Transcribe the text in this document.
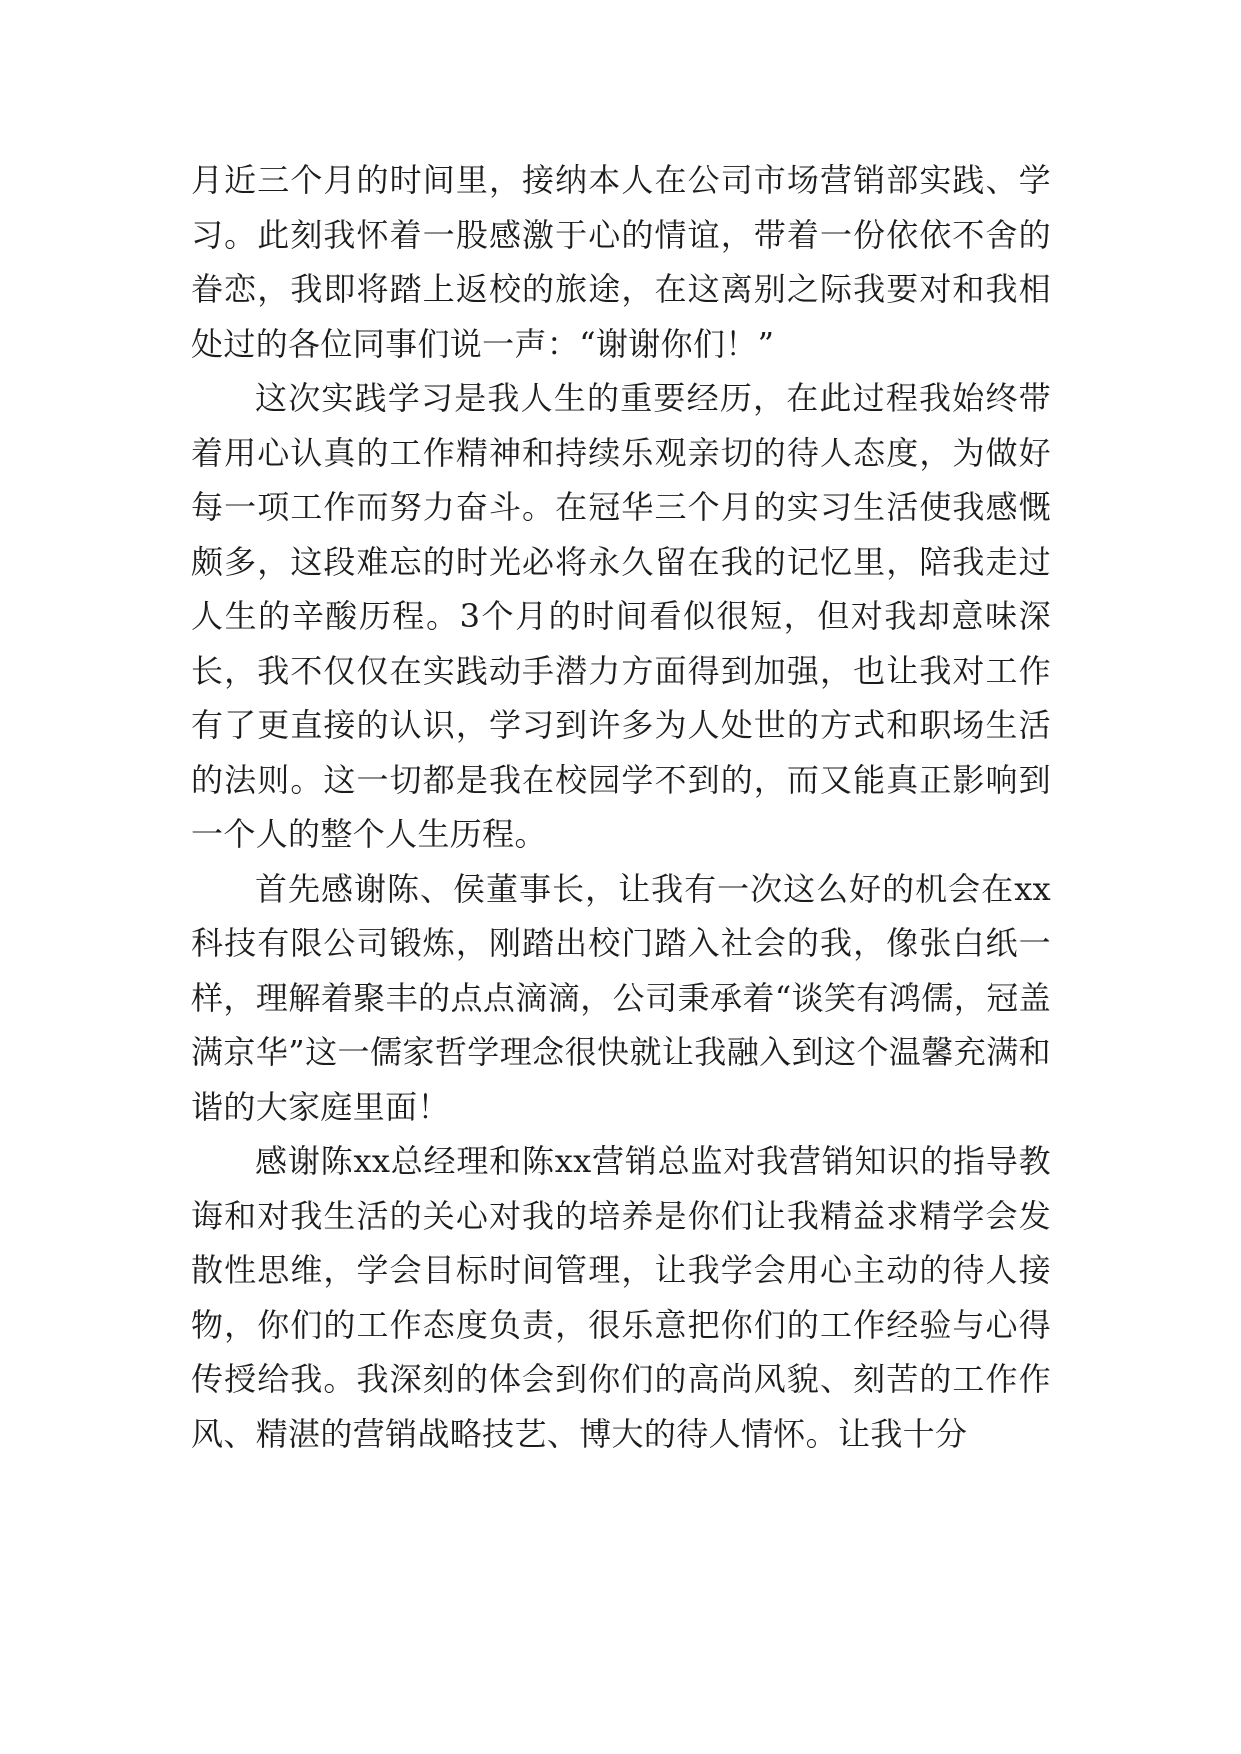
月近三个月的时间里，接纳本人在公司市场营销部实践、学习。此刻我怀着一股感激于心的情谊，带着一份依依不舍的眷恋，我即将踏上返校的旅途，在这离别之际我要对和我相处过的各位同事们说一声：“谢谢你们！”

这次实践学习是我人生的重要经历，在此过程我始终带着用心认真的工作精神和持续乐观亲切的待人态度，为做好每一项工作而努力奋斗。在冠华三个月的实习生活使我感慨颇多，这段难忘的时光必将永久留在我的记忆里，陪我走过人生的辛酸历程。3个月的时间看似很短，但对我却意味深长，我不仅仅在实践动手潜力方面得到加强，也让我对工作有了更直接的认识，学习到许多为人处世的方式和职场生活的法则。这一切都是我在校园学不到的，而又能真正影响到一个人的整个人生历程。

首先感谢陈、侯董事长，让我有一次这么好的机会在xx科技有限公司锻炼，刚踏出校门踏入社会的我，像张白纸一样，理解着聚丰的点点滴滴，公司秉承着“谈笑有鸿儒，冠盖满京华”这一儒家哲学理念很快就让我融入到这个温馨充满和谐的大家庭里面！

感谢陈xx总经理和陈xx营销总监对我营销知识的指导教诲和对我生活的关心对我的培养是你们让我精益求精学会发散性思维，学会目标时间管理，让我学会用心主动的待人接物，你们的工作态度负责，很乐意把你们的工作经验与心得传授给我。我深刻的体会到你们的高尚风貌、刻苦的工作作风、精湛的营销战略技艺、博大的待人情怀。让我十分
